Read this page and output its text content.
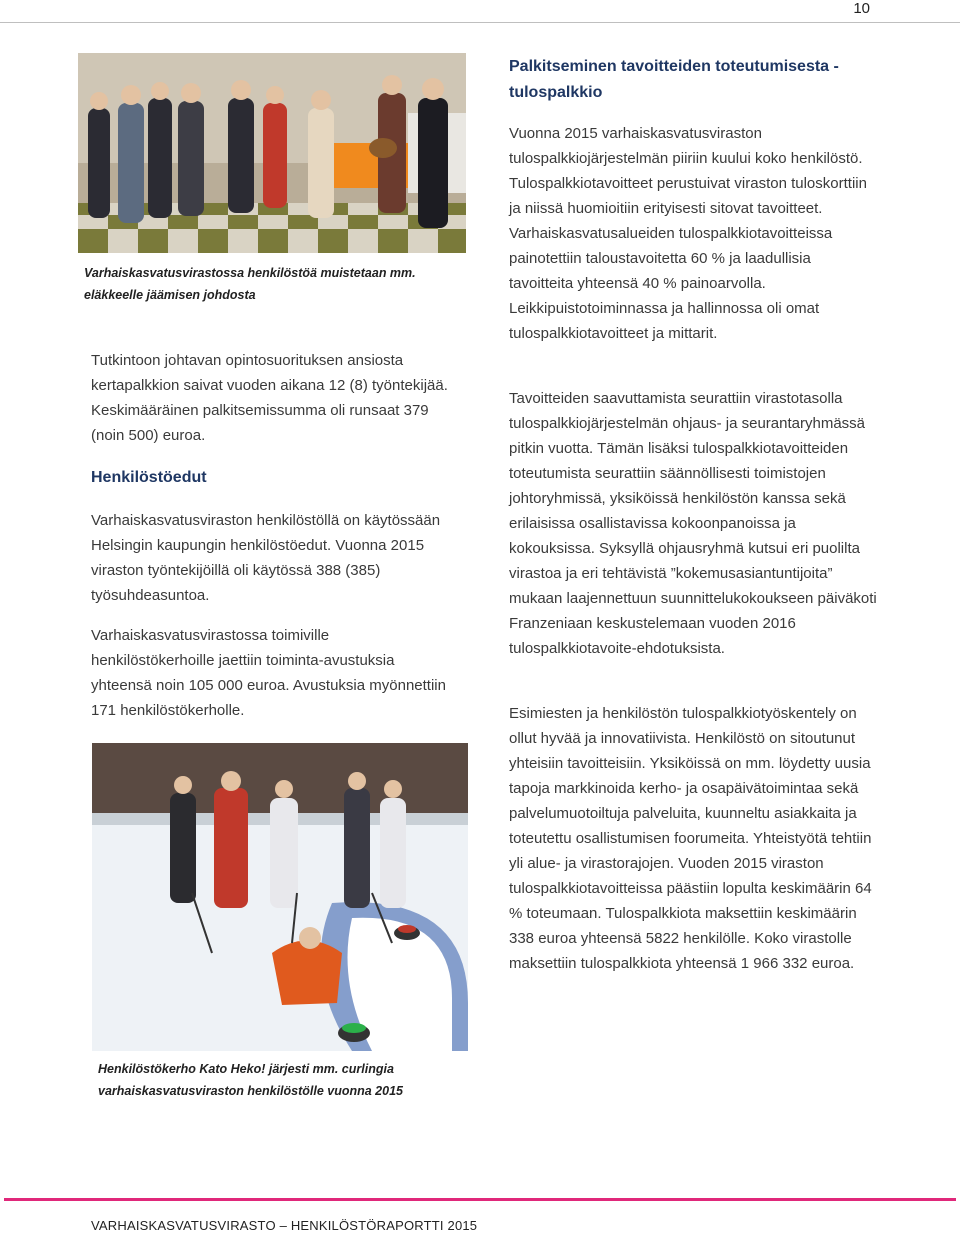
10
Varhaiskasvatusvirastossa henkilöstöä muistetaan mm.
eläkkeelle jäämisen johdosta

Tutkintoon johtavan opintosuorituksen ansiosta kertapalkkion saivat vuoden aikana 12 (8) työntekijää. Keskimääräinen palkitsemissumma oli runsaat 379 (noin 500) euroa.

Henkilöstöedut

Varhaiskasvatusviraston henkilöstöllä on käytössään Helsingin kaupungin henkilöstöedut. Vuonna 2015 viraston työntekijöillä oli käytössä 388 (385) työsuhdeasuntoa.

Varhaiskasvatusvirastossa toimiville henkilöstökerhoille jaettiin toiminta-avustuksia yhteensä noin 105 000 euroa. Avustuksia myönnettiin 171 henkilöstökerholle.

Henkilöstökerho Kato Heko! järjesti mm. curlingia
varhaiskasvatusviraston henkilöstölle vuonna 2015
Palkitseminen tavoitteiden toteutumisesta - tulospalkkio

Vuonna 2015 varhaiskasvatusviraston tulospalkkiojärjestelmän piiriin kuului koko henkilöstö. Tulospalkkiotavoitteet perustuivat viraston tuloskorttiin ja niissä huomioitiin erityisesti sitovat tavoitteet. Varhaiskasvatusalueiden tulospalkkiotavoitteissa painotettiin taloustavoitetta 60 % ja laadullisia tavoitteita yhteensä 40 % painoarvolla. Leikkipuistotoiminnassa ja hallinnossa oli omat tulospalkkiotavoitteet ja mittarit.

Tavoitteiden saavuttamista seurattiin virastotasolla tulospalkkiojärjestelmän ohjaus- ja seurantaryhmässä pitkin vuotta. Tämän lisäksi tulospalkkiotavoitteiden toteutumista seurattiin säännöllisesti toimistojen johtoryhmissä, yksiköissä henkilöstön kanssa sekä erilaisissa osallistavissa kokoonpanoissa ja kokouksissa. Syksyllä ohjausryhmä kutsui eri puolilta virastoa ja eri tehtävistä ”kokemusasiantuntijoita” mukaan laajennettuun suunnittelukokoukseen päiväkoti Franzeniaan keskustelemaan vuoden 2016 tulospalkkiotavoite-ehdotuksista.

Esimiesten ja henkilöstön tulospalkkiotyöskentely on ollut hyvää ja innovatiivista. Henkilöstö on sitoutunut yhteisiin tavoitteisiin. Yksiköissä on mm. löydetty uusia tapoja markkinoida kerho- ja osapäivätoimintaa sekä palvelumuotoiltuja palveluita, kuunneltu asiakkaita ja toteutettu osallistumisen foorumeita. Yhteistyötä tehtiin yli alue- ja virastorajojen. Vuoden 2015 viraston tulospalkkiotavoitteissa päästiin lopulta keskimäärin 64 % toteumaan. Tulospalkkiota maksettiin keskimäärin 338 euroa yhteensä 5822 henkilölle. Koko virastolle maksettiin tulospalkkiota yhteensä 1 966 332 euroa.

VARHAISKASVATUSVIRASTO – HENKILÖSTÖRAPORTTI 2015
